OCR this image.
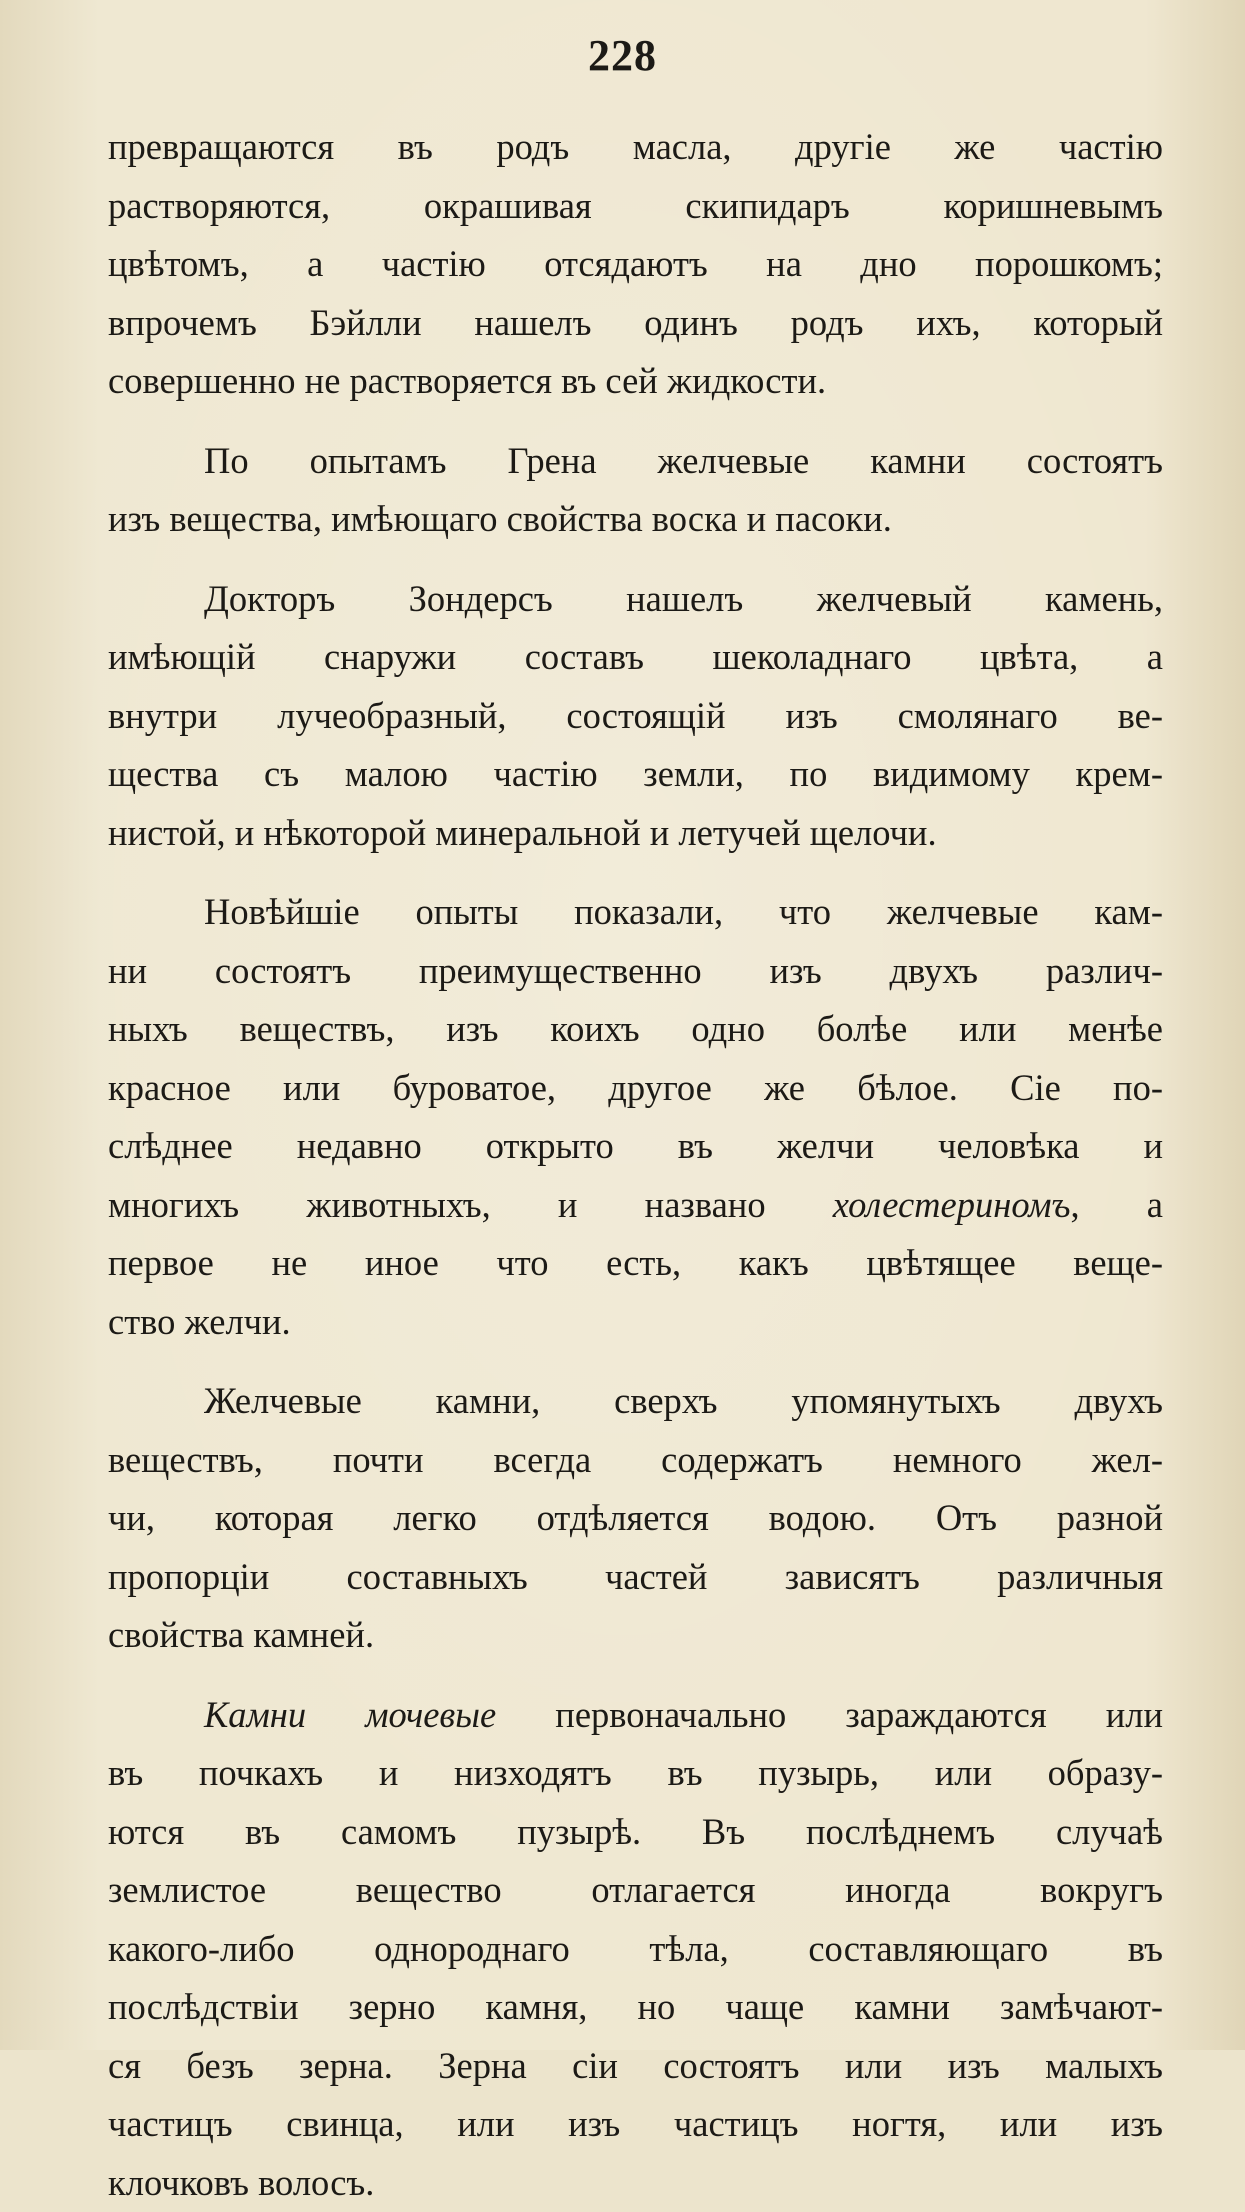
228
превращаются въ родъ масла, другіе же частію
растворяются, окрашивая скипидаръ коришневымъ
цвѣтомъ, а частію отсядаютъ на дно порошкомъ;
впрочемъ Бэйлли нашелъ одинъ родъ ихъ, который
совершенно не растворяется въ сей жидкости.
По опытамъ Грена желчевые камни состоятъ
изъ вещества, имѣющаго свойства воска и пасоки.
Докторъ Зондерсъ нашелъ желчевый камень,
имѣющій снаружи составъ шеколаднаго цвѣта, а
внутри лучеобразный, состоящій изъ смолянаго ве-
щества съ малою частію земли, по видимому крем-
нистой, и нѣкоторой минеральной и летучей щелочи.
Новѣйшіе опыты показали, что желчевые кам-
ни состоятъ преимущественно изъ двухъ различ-
ныхъ веществъ, изъ коихъ одно болѣе или менѣе
красное или буроватое, другое же бѣлое. Сіе по-
слѣднее недавно открыто въ желчи человѣка и
многихъ животныхъ, и названо холестериномъ, а
первое не иное что есть, какъ цвѣтящее веще-
ство желчи.
Желчевые камни, сверхъ упомянутыхъ двухъ
веществъ, почти всегда содержатъ немного жел-
чи, которая легко отдѣляется водою. Отъ разной
пропорціи составныхъ частей зависятъ различныя
свойства камней.
Камни мочевые первоначально зараждаются или
въ почкахъ и низходятъ въ пузырь, или образу-
ются въ самомъ пузырѣ. Въ послѣднемъ случаѣ
землистое вещество отлагается иногда вокругъ
какого-либо однороднаго тѣла, составляющаго въ
послѣдствіи зерно камня, но чаще камни замѣчают-
ся безъ зерна. Зерна сіи состоятъ или изъ малыхъ
частицъ свинца, или изъ частицъ ногтя, или изъ
клочковъ волосъ.
